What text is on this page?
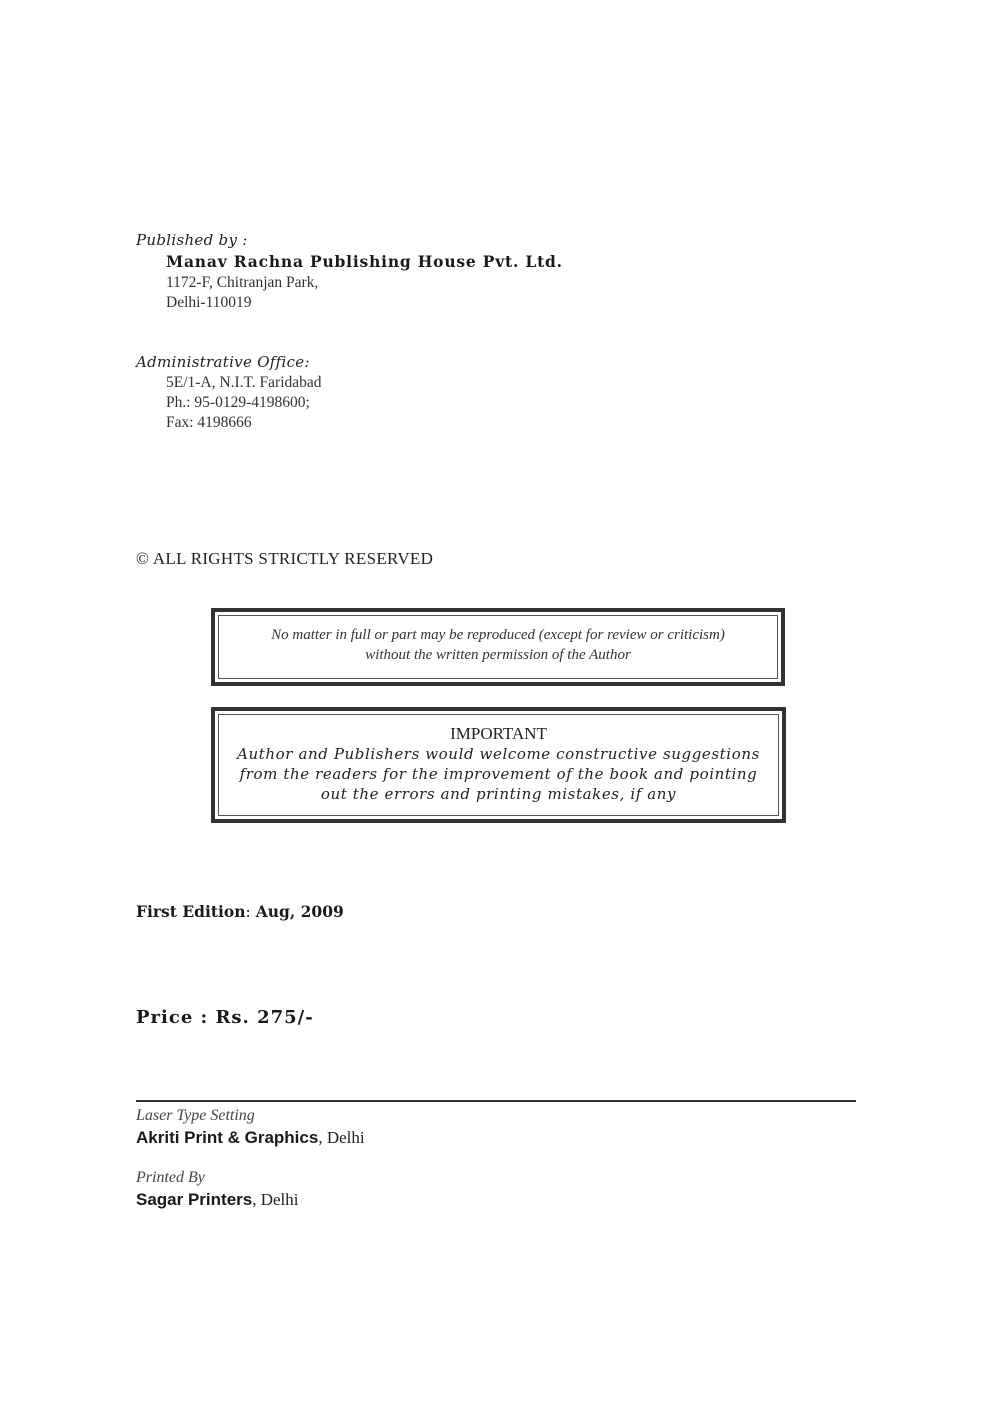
Published by :
Manav Rachna Publishing House Pvt. Ltd.
1172-F, Chitranjan Park,
Delhi-110019
Administrative Office:
5E/1-A, N.I.T. Faridabad
Ph.: 95-0129-4198600;
Fax: 4198666
© ALL RIGHTS STRICTLY RESERVED
No matter in full or part may be reproduced (except for review or criticism)
without the written permission of the Author
IMPORTANT
Author and Publishers would welcome constructive suggestions
from the readers for the improvement of the book and pointing
out the errors and printing mistakes, if any
First Edition: Aug, 2009
Price : Rs. 275/-
Laser Type Setting
Akriti Print & Graphics, Delhi
Printed By
Sagar Printers, Delhi
